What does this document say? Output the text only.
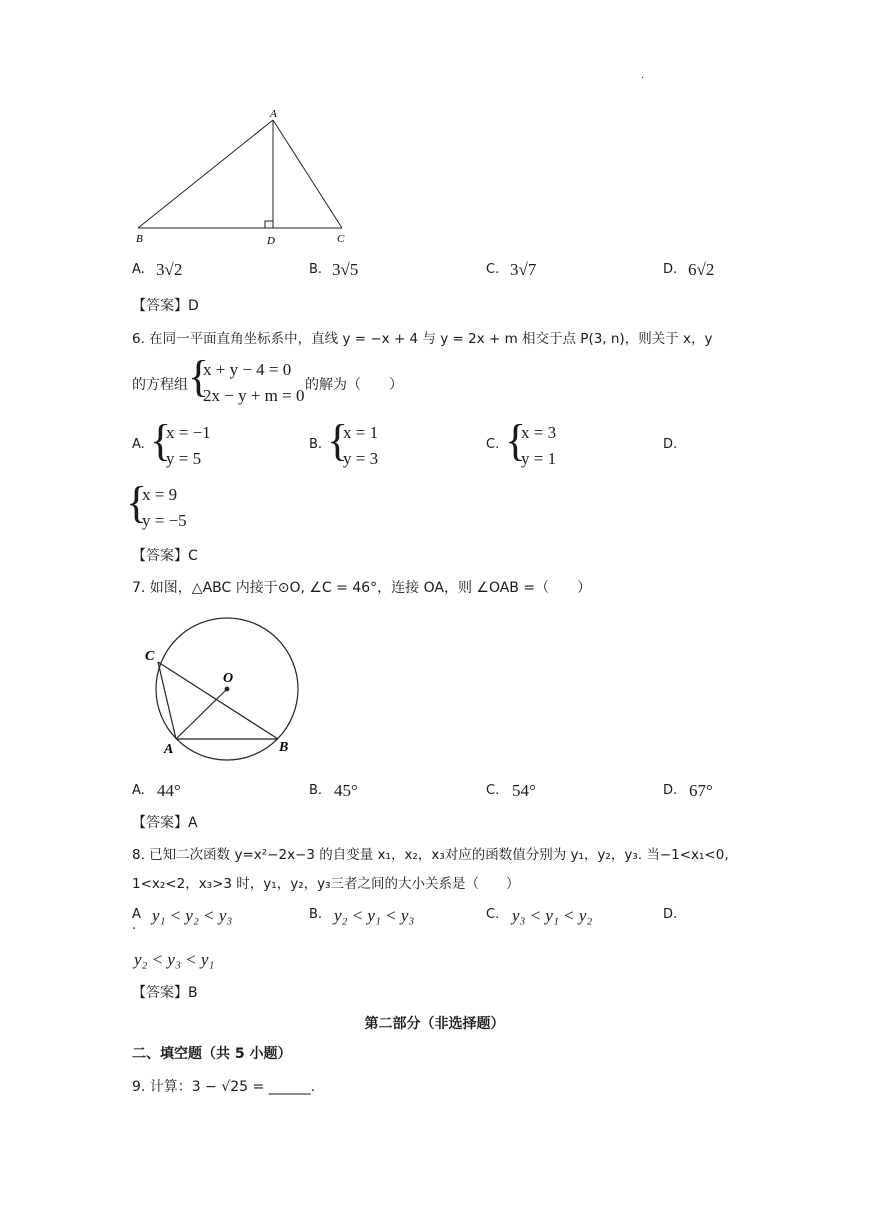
.
A
B	C
D
A. 3√2	B. 3√5	C. 3√7	D. 6√2
【答案】D
6. 在同一平面直角坐标系中，直线 y = −x + 4 与 y = 2x + m 相交于点 P(3, n)，则关于 x，y
的方程组 {
x + y − 4 = 0
2x − y + m = 0
的解为（　　）
A. {
x = −1
y = 5
B. {
x = 1
y = 3
C. {
x = 3
y = 1
D.
{
x = 9
y = −5
【答案】C
7. 如图，△ABC 内接于⊙O, ∠C = 46°，连接 OA，则 ∠OAB =（　　）
C
O
A	B
A. 44°	B. 45°	C. 54°	D. 67°
【答案】A
8. 已知二次函数 y=x²−2x−3 的自变量 x₁，x₂，x₃对应的函数值分别为 y₁，y₂，y₃. 当−1<x₁<0,
1<x₂<2，x₃>3 时，y₁，y₂，y₃三者之间的大小关系是（　　）
A
.
y₁ < y₂ < y₃	B. y₂ < y₁ < y₃	C. y₃ < y₁ < y₂	D.
y₂ < y₃ < y₁
【答案】B
第二部分（非选择题）
二、填空题（共 5 小题）
9. 计算：3 − √25 = ______.
